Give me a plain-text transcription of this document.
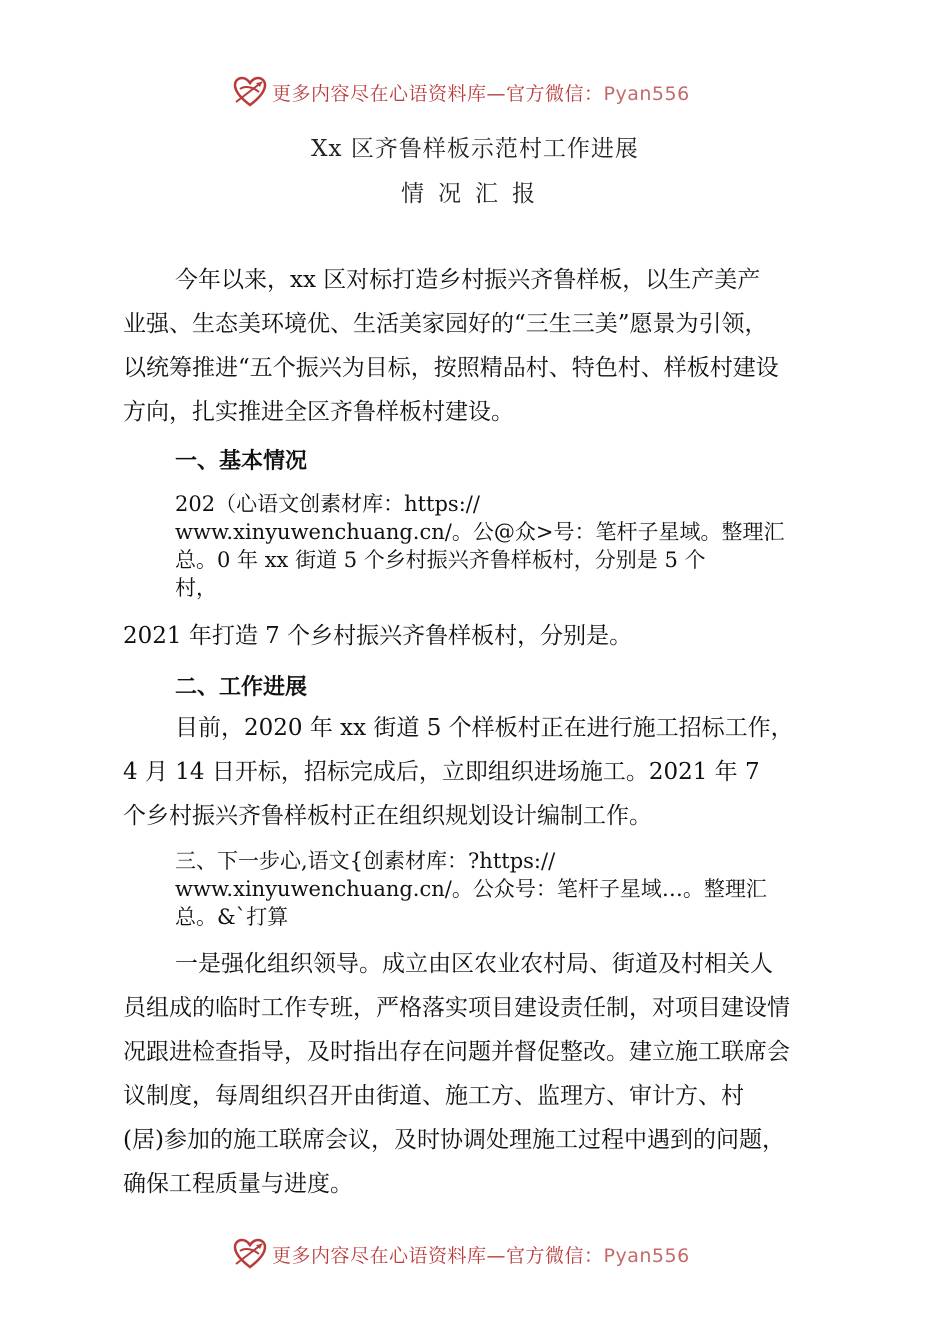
更多内容尽在心语资料库—官方微信：Pyan556
Xx 区齐鲁样板示范村工作进展
情况汇报
今年以来，xx 区对标打造乡村振兴齐鲁样板，以生产美产
业强、生态美环境优、生活美家园好的“三生三美”愿景为引领，
以统筹推进“五个振兴为目标，按照精品村、特色村、样板村建设
方向，扎实推进全区齐鲁样板村建设。
一、基本情况
202（心语文创素材库：https://
www.xinyuwenchuang.cn/。公@众>号：笔杆子星域。整理汇
总。0 年 xx 街道 5 个乡村振兴齐鲁样板村，分别是 5 个
村，
2021 年打造 7 个乡村振兴齐鲁样板村，分别是。
二、工作进展
目前，2020 年 xx 街道 5 个样板村正在进行施工招标工作，
4 月 14 日开标，招标完成后，立即组织进场施工。2021 年 7
个乡村振兴齐鲁样板村正在组织规划设计编制工作。
三、下一步心,语文{创素材库：?https://
www.xinyuwenchuang.cn/。公众号：笔杆子星域…。整理汇
总。&`打算
一是强化组织领导。成立由区农业农村局、街道及村相关人
员组成的临时工作专班，严格落实项目建设责任制，对项目建设情
况跟进检查指导，及时指出存在问题并督促整改。建立施工联席会
议制度，每周组织召开由街道、施工方、监理方、审计方、村
(居)参加的施工联席会议，及时协调处理施工过程中遇到的问题，
确保工程质量与进度。
更多内容尽在心语资料库—官方微信：Pyan556
